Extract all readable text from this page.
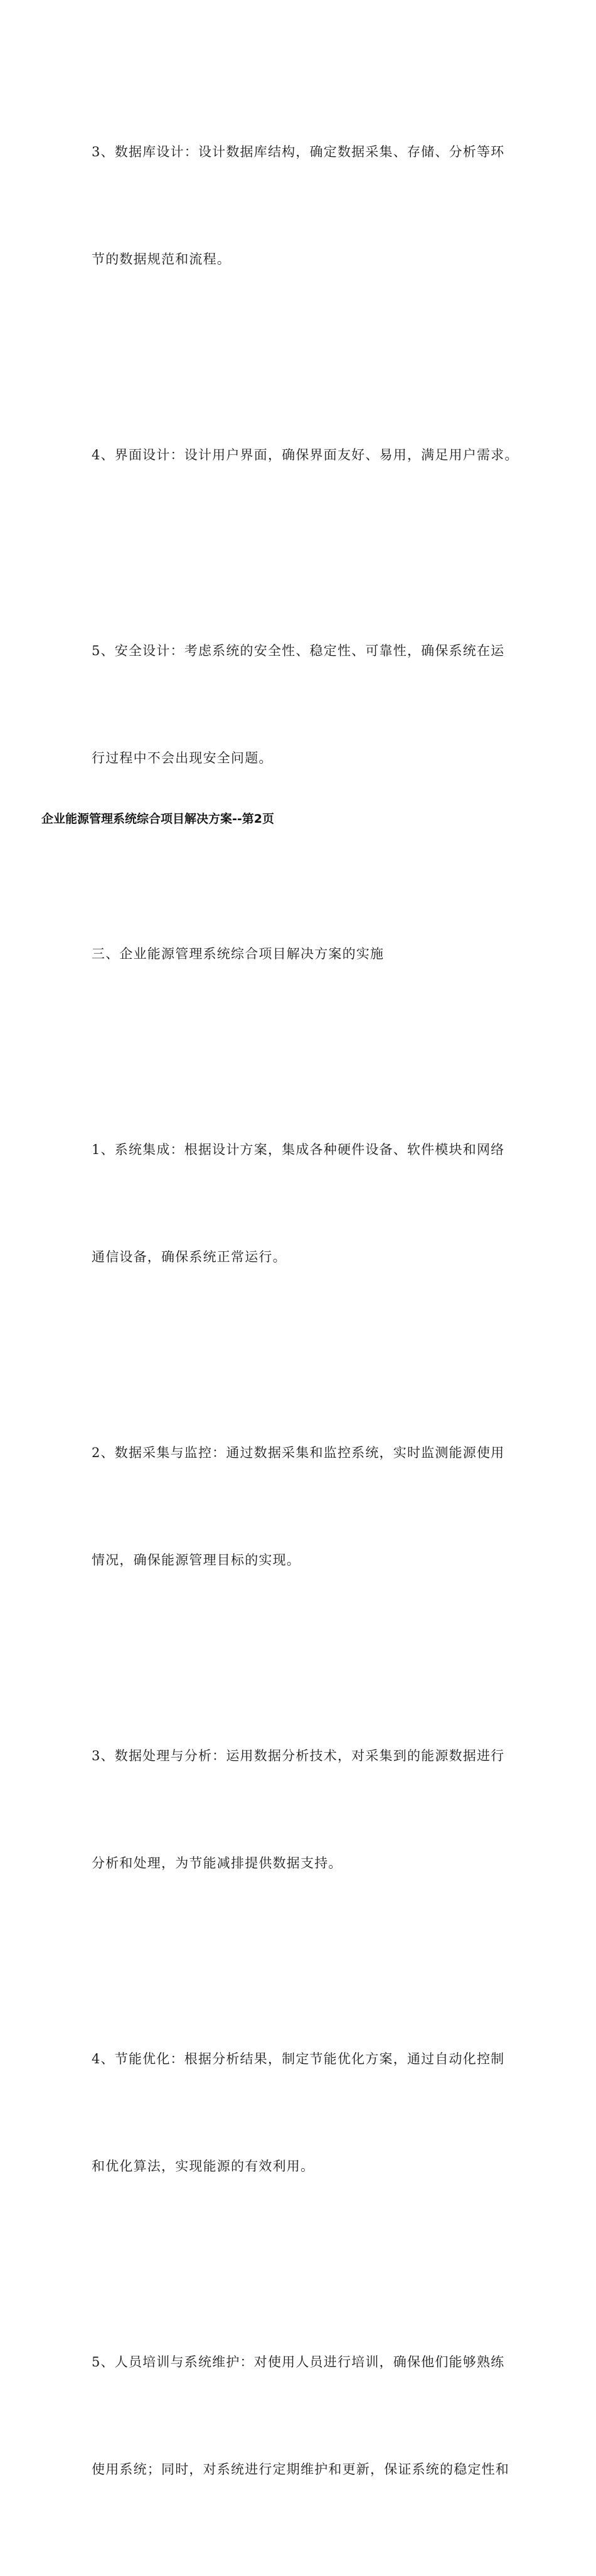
3、数据库设计：设计数据库结构，确定数据采集、存储、分析等环

节的数据规范和流程。

4、界面设计：设计用户界面，确保界面友好、易用，满足用户需求。

5、安全设计：考虑系统的安全性、稳定性、可靠性，确保系统在运

行过程中不会出现安全问题。

三、企业能源管理系统综合项目解决方案的实施

1、系统集成：根据设计方案，集成各种硬件设备、软件模块和网络

通信设备，确保系统正常运行。

2、数据采集与监控：通过数据采集和监控系统，实时监测能源使用

情况，确保能源管理目标的实现。

3、数据处理与分析：运用数据分析技术，对采集到的能源数据进行

分析和处理，为节能减排提供数据支持。

4、节能优化：根据分析结果，制定节能优化方案，通过自动化控制

和优化算法，实现能源的有效利用。

5、人员培训与系统维护：对使用人员进行培训，确保他们能够熟练

使用系统；同时，对系统进行定期维护和更新，保证系统的稳定性和

企业能源管理系统综合项目解决方案--第2页
